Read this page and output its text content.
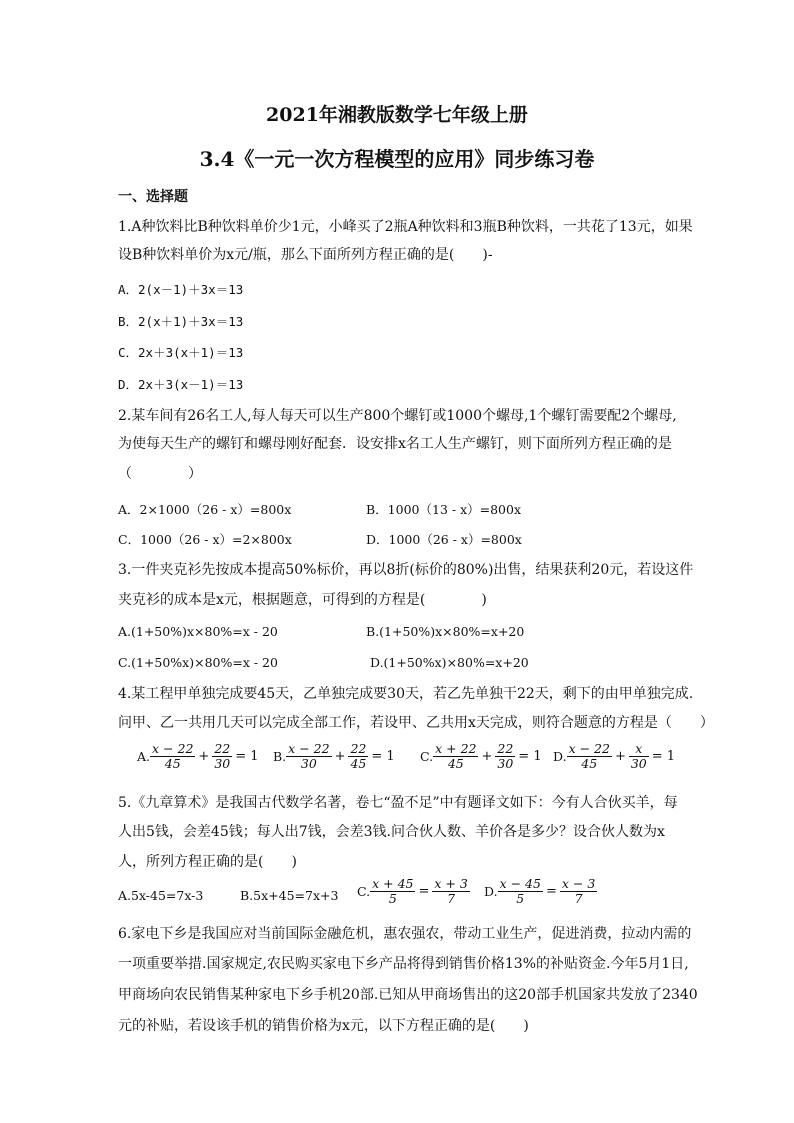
2021年湘教版数学七年级上册
3.4《一元一次方程模型的应用》同步练习卷
一、选择题
1.A种饮料比B种饮料单价少1元，小峰买了2瓶A种饮料和3瓶B种饮料，一共花了13元，如果
设B种饮料单价为x元/瓶，那么下面所列方程正确的是(　　)-
A．2(x－1)＋3x＝13
B．2(x＋1)＋3x＝13
C．2x＋3(x＋1)＝13
D．2x＋3(x－1)＝13
2.某车间有26名工人,每人每天可以生产800个螺钉或1000个螺母,1个螺钉需要配2个螺母,
为使每天生产的螺钉和螺母刚好配套．设安排x名工人生产螺钉，则下面所列方程正确的是
（　　　　）
A．2×1000（26 - x）=800x	B．1000（13 - x）=800x
C．1000（26 - x）=2×800x	D．1000（26 - x）=800x
3.一件夹克衫先按成本提高50%标价，再以8折(标价的80%)出售，结果获利20元，若设这件
夹克衫的成本是x元，根据题意，可得到的方程是(　　　　)
A.(1+50%)x×80%=x - 20	B.(1+50%)x×80%=x+20
C.(1+50%x)×80%=x - 20	D.(1+50%x)×80%=x+20
4.某工程甲单独完成要45天，乙单独完成要30天，若乙先单独干22天，剩下的由甲单独完成.
问甲、乙一共用几天可以完成全部工作，若设甲、乙共用x天完成，则符合题意的方程是（　　）
A. $\frac{x - 22}{45} + \frac{22}{30} = 1$ B. $\frac{x - 22}{30} + \frac{22}{45} = 1$ C. $\frac{x + 22}{45} + \frac{22}{30} = 1$ D. $\frac{x - 22}{45} + \frac{x}{30} = 1$
5.《九章算术》是我国古代数学名著，卷七“盈不足”中有题译文如下：今有人合伙买羊，每
人出5钱，会差45钱；每人出7钱，会差3钱.问合伙人数、羊价各是多少？设合伙人数为x
人，所列方程正确的是(　　)
A.5x-45=7x-3	B.5x+45=7x+3 C. $\frac{x + 45}{5} = \frac{x + 3}{7} D$. $\frac{x - 45}{5} = \frac{x - 3}{7}$
6.家电下乡是我国应对当前国际金融危机，惠农强农，带动工业生产，促进消费，拉动内需的
一项重要举措.国家规定,农民购买家电下乡产品将得到销售价格13%的补贴资金.今年5月1日,
甲商场向农民销售某种家电下乡手机20部.已知从甲商场售出的这20部手机国家共发放了2340
元的补贴，若设该手机的销售价格为x元，以下方程正确的是(　　)
